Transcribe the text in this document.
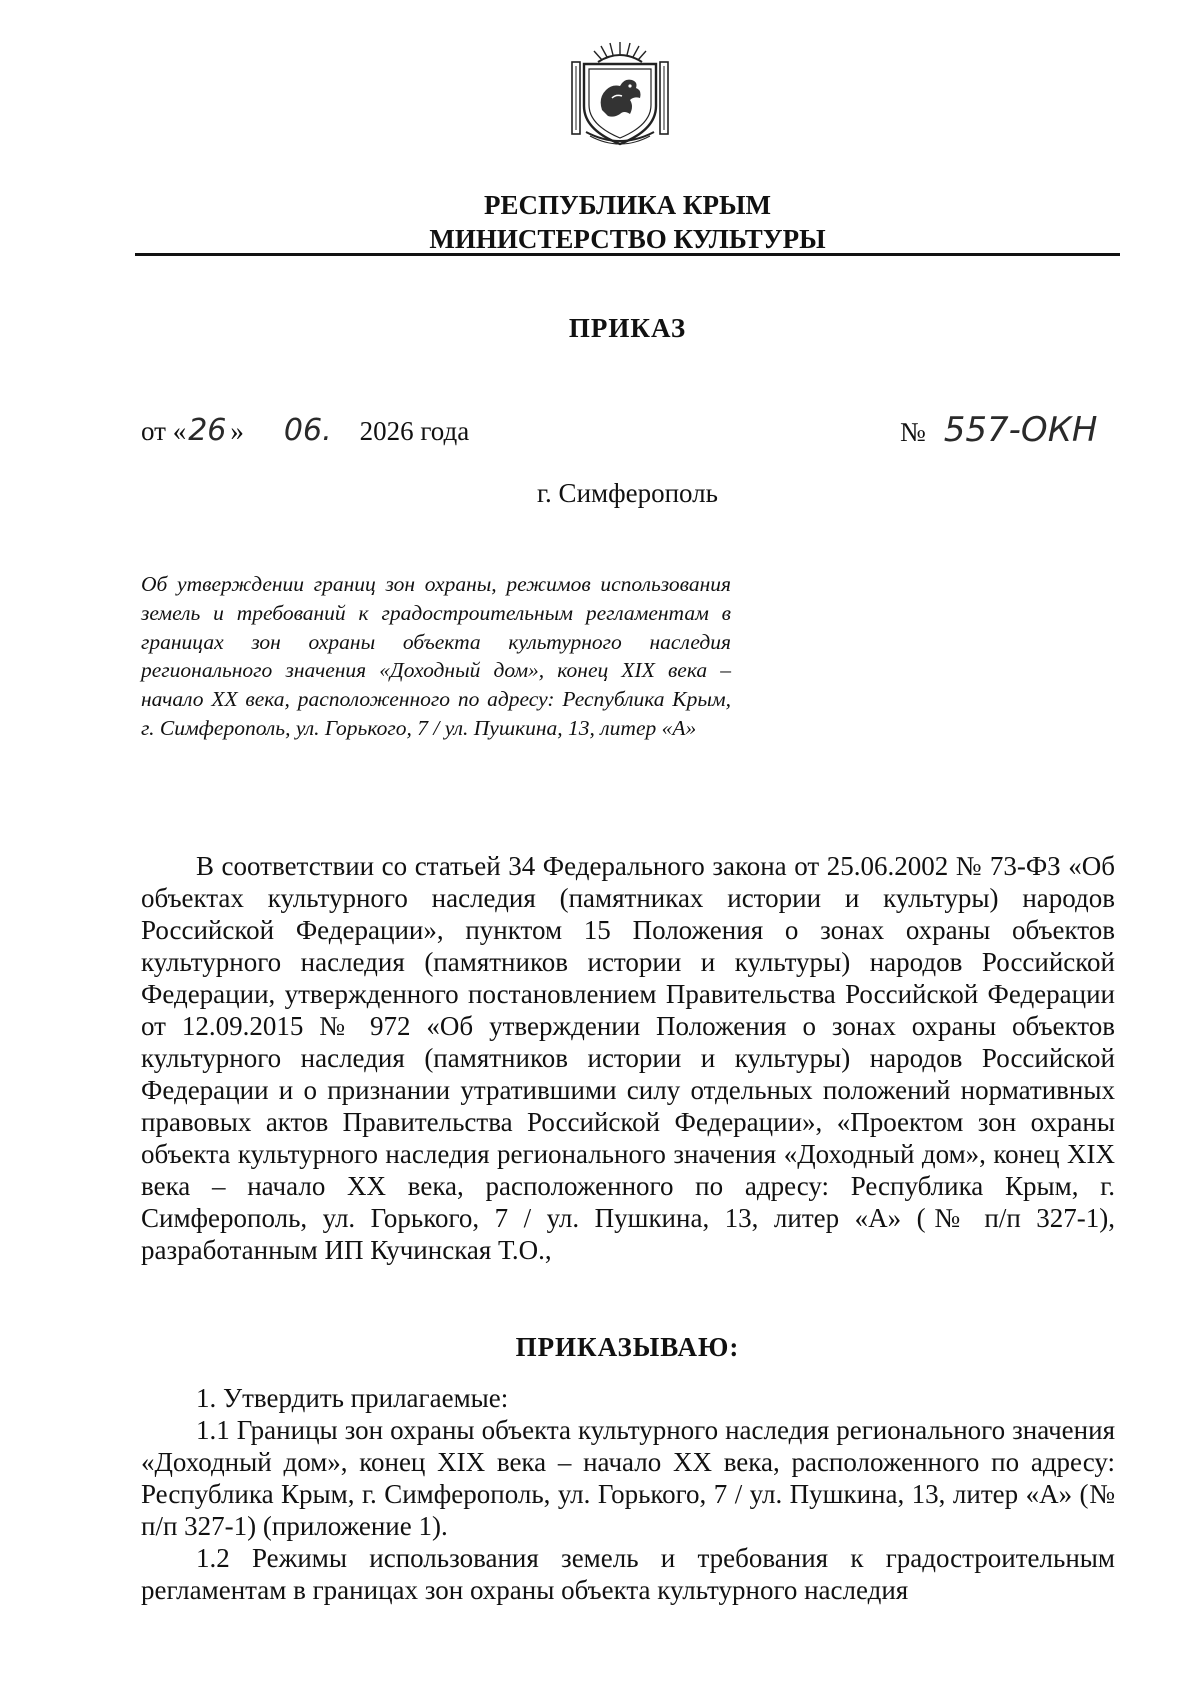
РЕСПУБЛИКА КРЫМ
МИНИСТЕРСТВО КУЛЬТУРЫ
ПРИКАЗ
от «26 » 06. 2026 года	№ 557-ОКН
г. Симферополь
Об утверждении границ зон охраны, режимов использования земель и требований к градостроительным регламентам в границах зон охраны объекта культурного наследия регионального значения «Доходный дом», конец XIX века – начало XX века, расположенного по адресу: Республика Крым, г. Симферополь, ул. Горького, 7 / ул. Пушкина, 13, литер «А»

В соответствии со статьей 34 Федерального закона от 25.06.2002 № 73-ФЗ «Об объектах культурного наследия (памятниках истории и культуры) народов Российской Федерации», пунктом 15 Положения о зонах охраны объектов культурного наследия (памятников истории и культуры) народов Российской Федерации, утвержденного постановлением Правительства Российской Федерации от 12.09.2015 № 972 «Об утверждении Положения о зонах охраны объектов культурного наследия (памятников истории и культуры) народов Российской Федерации и о признании утратившими силу отдельных положений нормативных правовых актов Правительства Российской Федерации», «Проектом зон охраны объекта культурного наследия регионального значения «Доходный дом», конец XIX века – начало XX века, расположенного по адресу: Республика Крым, г. Симферополь, ул. Горького, 7 / ул. Пушкина, 13, литер «А» (№ п/п 327-1), разработанным ИП Кучинская Т.О.,

ПРИКАЗЫВАЮ:

1. Утвердить прилагаемые:

1.1 Границы зон охраны объекта культурного наследия регионального значения «Доходный дом», конец XIX века – начало XX века, расположенного по адресу: Республика Крым, г. Симферополь, ул. Горького, 7 / ул. Пушкина, 13, литер «А» (№ п/п 327-1) (приложение 1).

1.2 Режимы использования земель и требования к градостроительным регламентам в границах зон охраны объекта культурного наследия
